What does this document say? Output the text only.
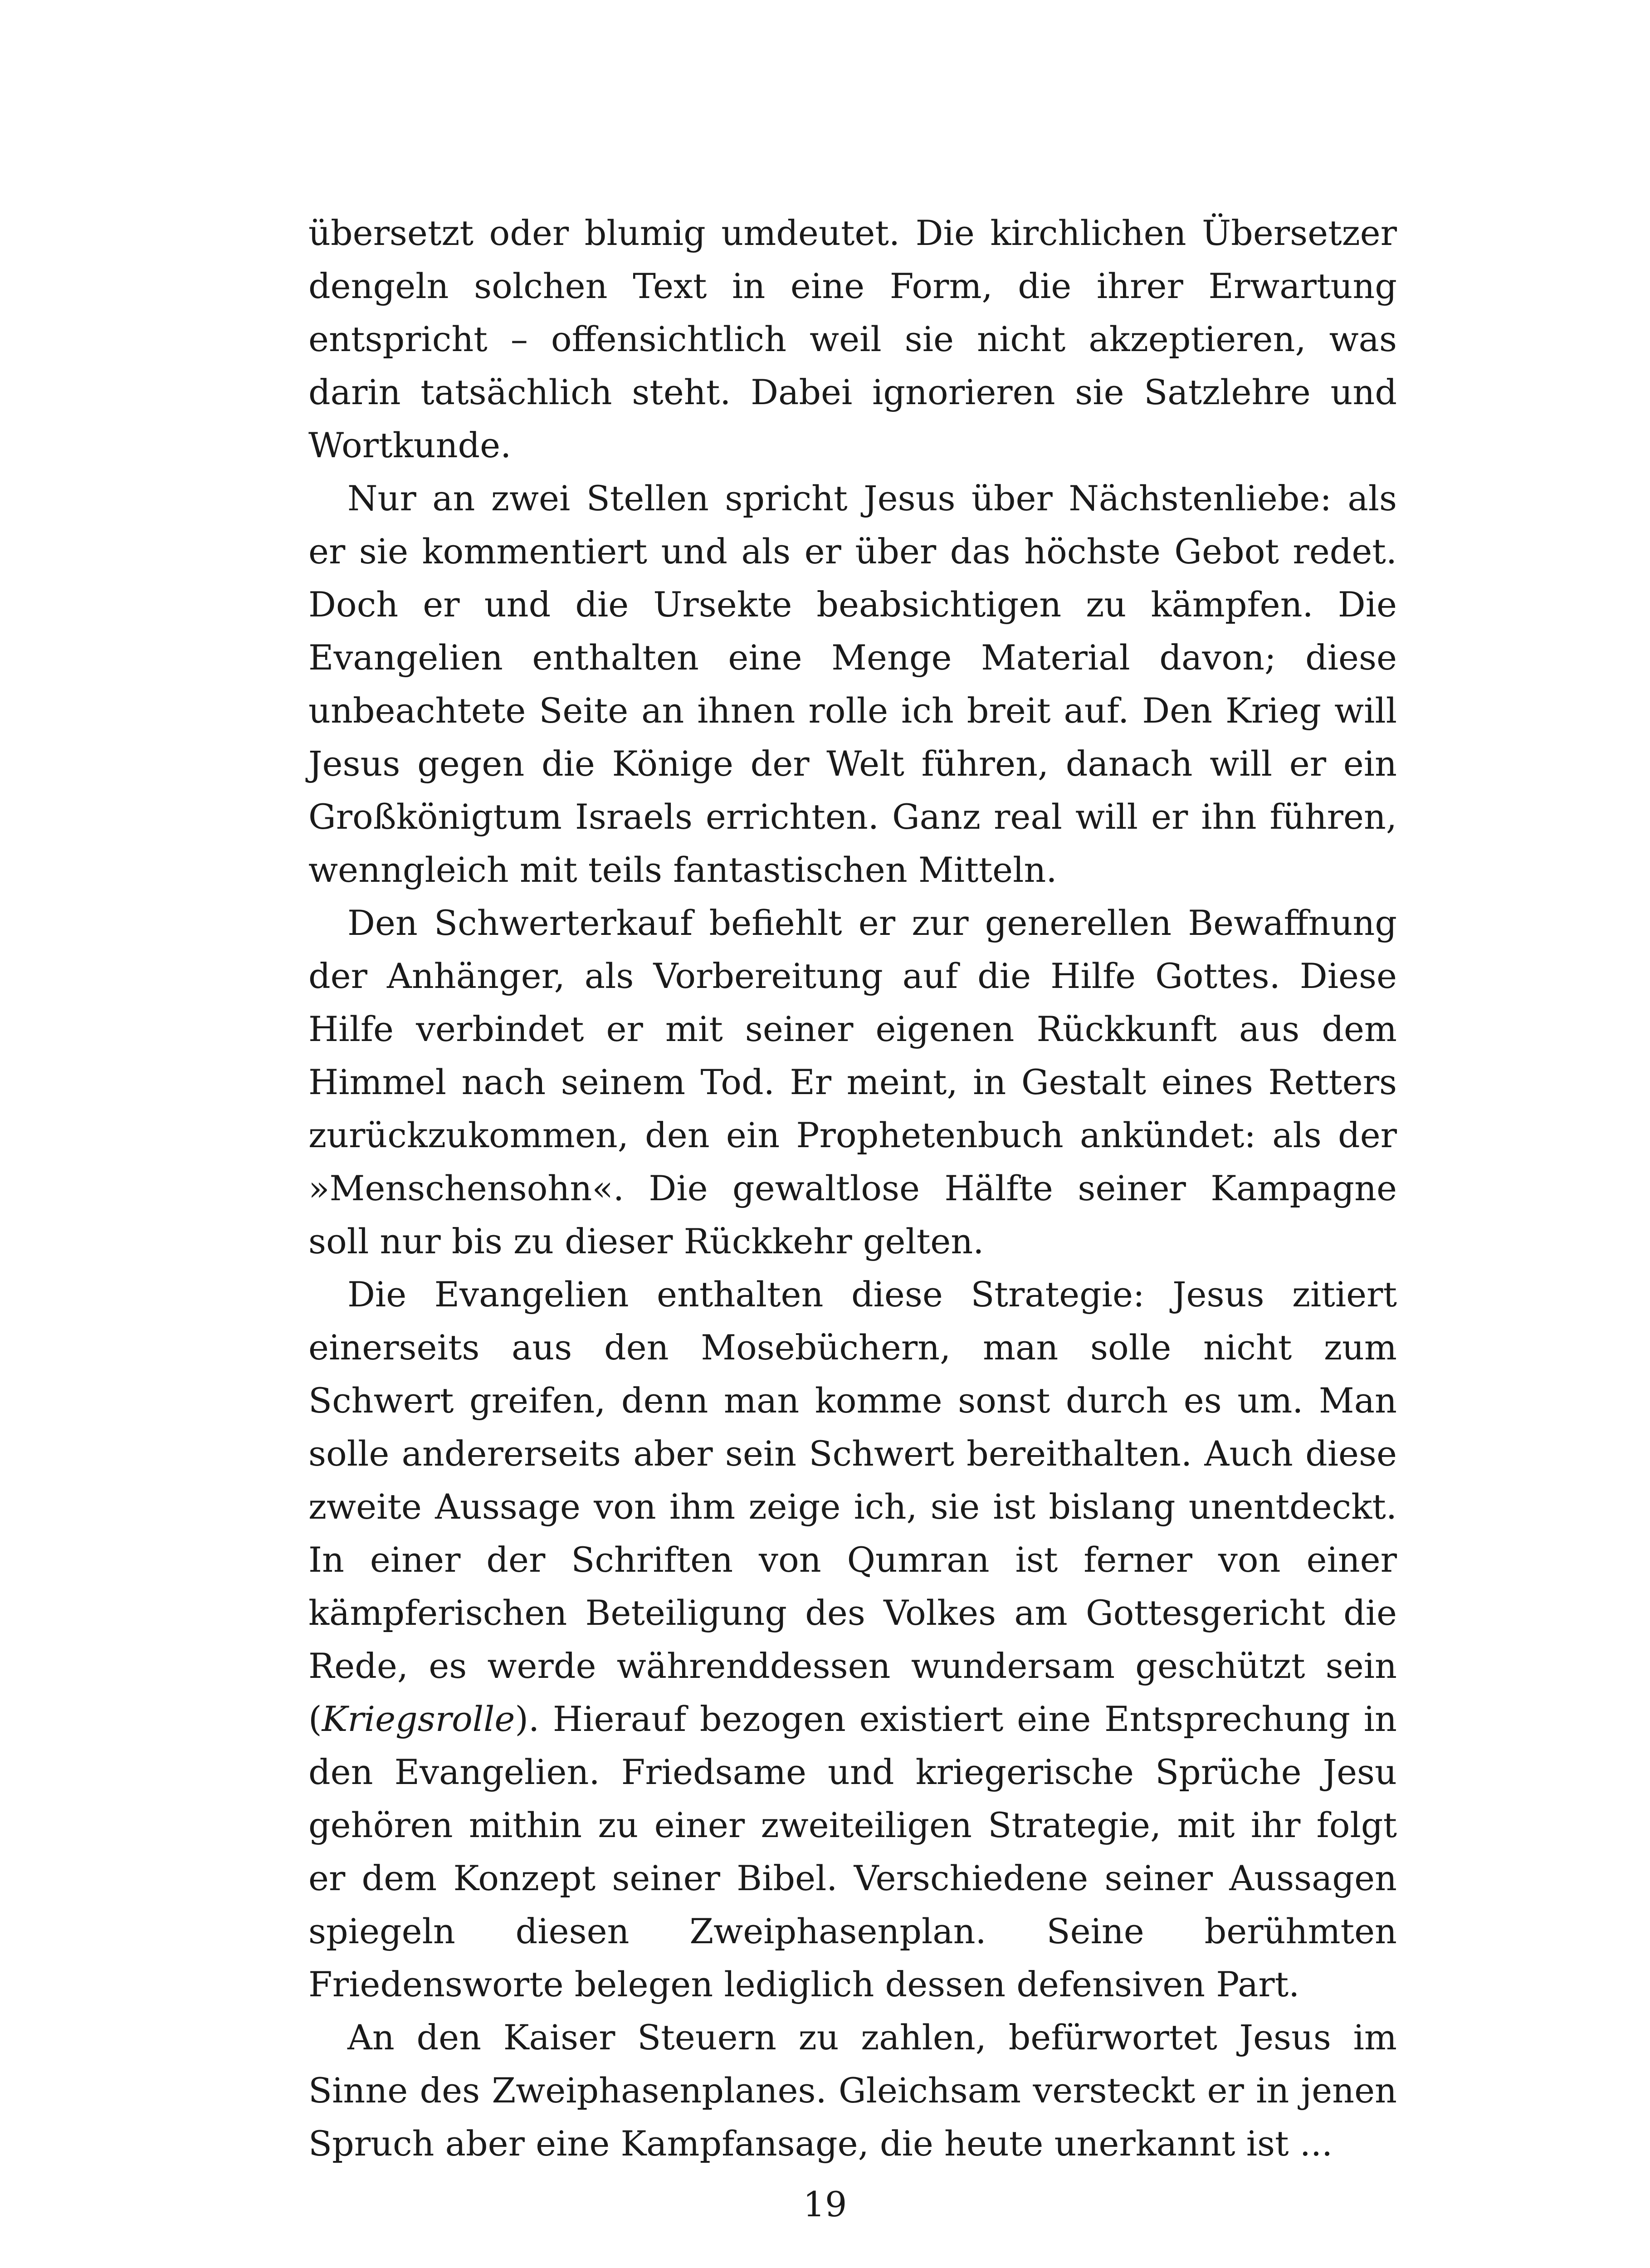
übersetzt oder blumig umdeutet. Die kirchlichen Übersetzer dengeln solchen Text in eine Form, die ihrer Erwartung entspricht – offensichtlich weil sie nicht akzeptieren, was darin tatsächlich steht. Dabei ignorieren sie Satzlehre und Wortkunde.

Nur an zwei Stellen spricht Jesus über Nächstenliebe: als er sie kommentiert und als er über das höchste Gebot redet. Doch er und die Ursekte beabsichtigen zu kämpfen. Die Evangelien enthalten eine Menge Material davon; diese unbeachtete Seite an ihnen rolle ich breit auf. Den Krieg will Jesus gegen die Könige der Welt führen, danach will er ein Großkönigtum Israels errichten. Ganz real will er ihn führen, wenngleich mit teils fantastischen Mitteln.

Den Schwerterkauf befiehlt er zur generellen Bewaffnung der Anhänger, als Vorbereitung auf die Hilfe Gottes. Diese Hilfe verbindet er mit seiner eigenen Rückkunft aus dem Himmel nach seinem Tod. Er meint, in Gestalt eines Retters zurückzukommen, den ein Prophetenbuch ankündet: als der »Menschensohn«. Die gewaltlose Hälfte seiner Kampagne soll nur bis zu dieser Rückkehr gelten.

Die Evangelien enthalten diese Strategie: Jesus zitiert einerseits aus den Mosebüchern, man solle nicht zum Schwert greifen, denn man komme sonst durch es um. Man solle andererseits aber sein Schwert bereithalten. Auch diese zweite Aussage von ihm zeige ich, sie ist bislang unentdeckt. In einer der Schriften von Qumran ist ferner von einer kämpferischen Beteiligung des Volkes am Gottesgericht die Rede, es werde währenddessen wundersam geschützt sein (Kriegsrolle). Hierauf bezogen existiert eine Entsprechung in den Evangelien. Friedsame und kriegerische Sprüche Jesu gehören mithin zu einer zweiteiligen Strategie, mit ihr folgt er dem Konzept seiner Bibel. Verschiedene seiner Aussagen spiegeln diesen Zweiphasenplan. Seine berühmten Friedensworte belegen lediglich dessen defensiven Part.

An den Kaiser Steuern zu zahlen, befürwortet Jesus im Sinne des Zweiphasenplanes. Gleichsam versteckt er in jenen Spruch aber eine Kampfansage, die heute unerkannt ist ...

19
